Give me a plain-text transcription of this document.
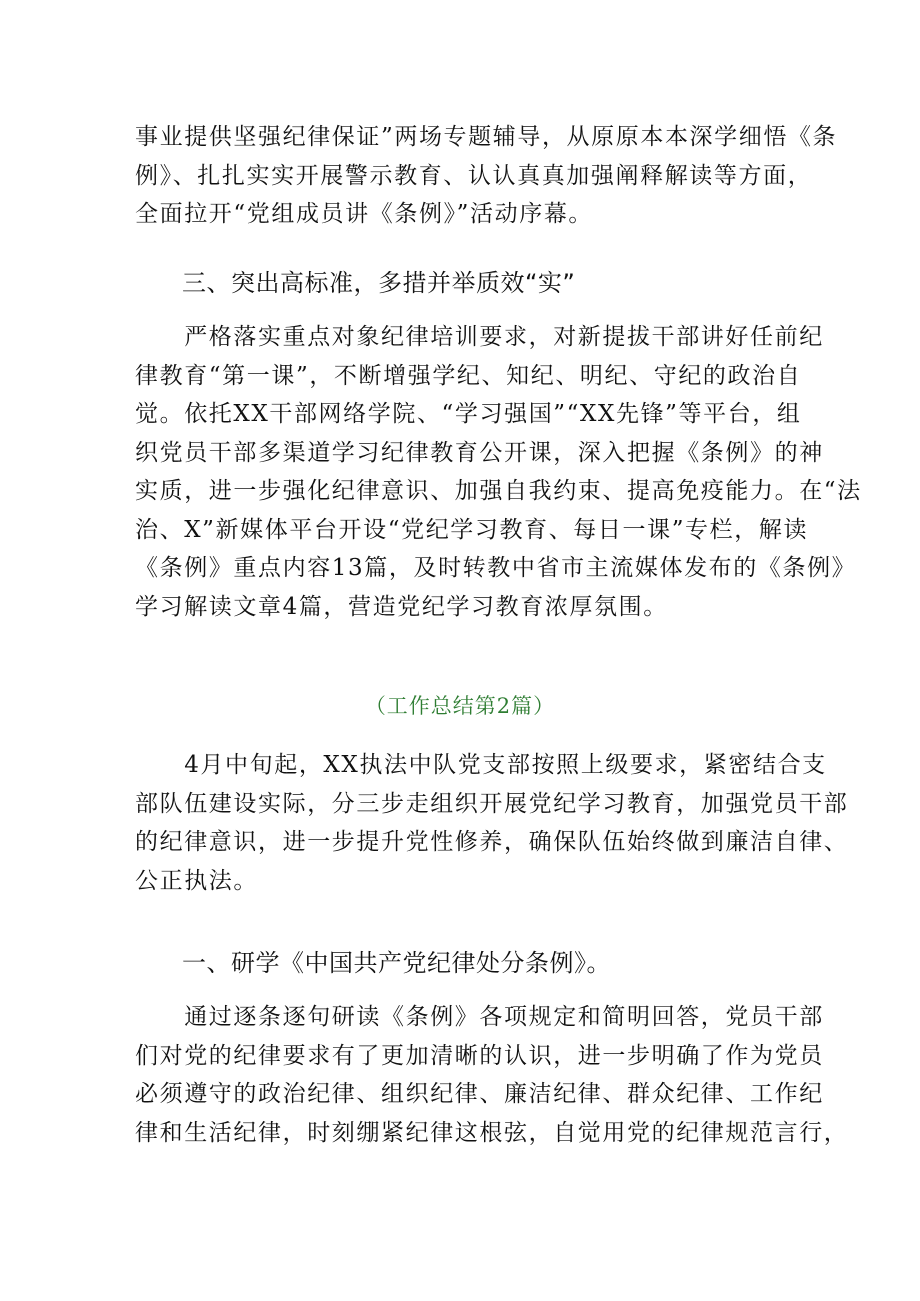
事业提供坚强纪律保证”两场专题辅导，从原原本本深学细悟《条
例》、扎扎实实开展警示教育、认认真真加强阐释解读等方面，
全面拉开“党组成员讲《条例》”活动序幕。

三、突出高标准，多措并举质效“实”

　　严格落实重点对象纪律培训要求，对新提拔干部讲好任前纪
律教育“第一课”，不断增强学纪、知纪、明纪、守纪的政治自
觉。依托XX干部网络学院、“学习强国”“XX先锋”等平台，组
织党员干部多渠道学习纪律教育公开课，深入把握《条例》的神
实质，进一步强化纪律意识、加强自我约束、提高免疫能力。在“法
治、X”新媒体平台开设“党纪学习教育、每日一课”专栏，解读
《条例》重点内容13篇，及时转教中省市主流媒体发布的《条例》
学习解读文章4篇，营造党纪学习教育浓厚氛围。

（工作总结第2篇）

　　4月中旬起，XX执法中队党支部按照上级要求，紧密结合支
部队伍建设实际，分三步走组织开展党纪学习教育，加强党员干部
的纪律意识，进一步提升党性修养，确保队伍始终做到廉洁自律、
公正执法。

一、研学《中国共产党纪律处分条例》。

　　通过逐条逐句研读《条例》各项规定和简明回答，党员干部
们对党的纪律要求有了更加清晰的认识，进一步明确了作为党员
必须遵守的政治纪律、组织纪律、廉洁纪律、群众纪律、工作纪
律和生活纪律，时刻绷紧纪律这根弦，自觉用党的纪律规范言行，
